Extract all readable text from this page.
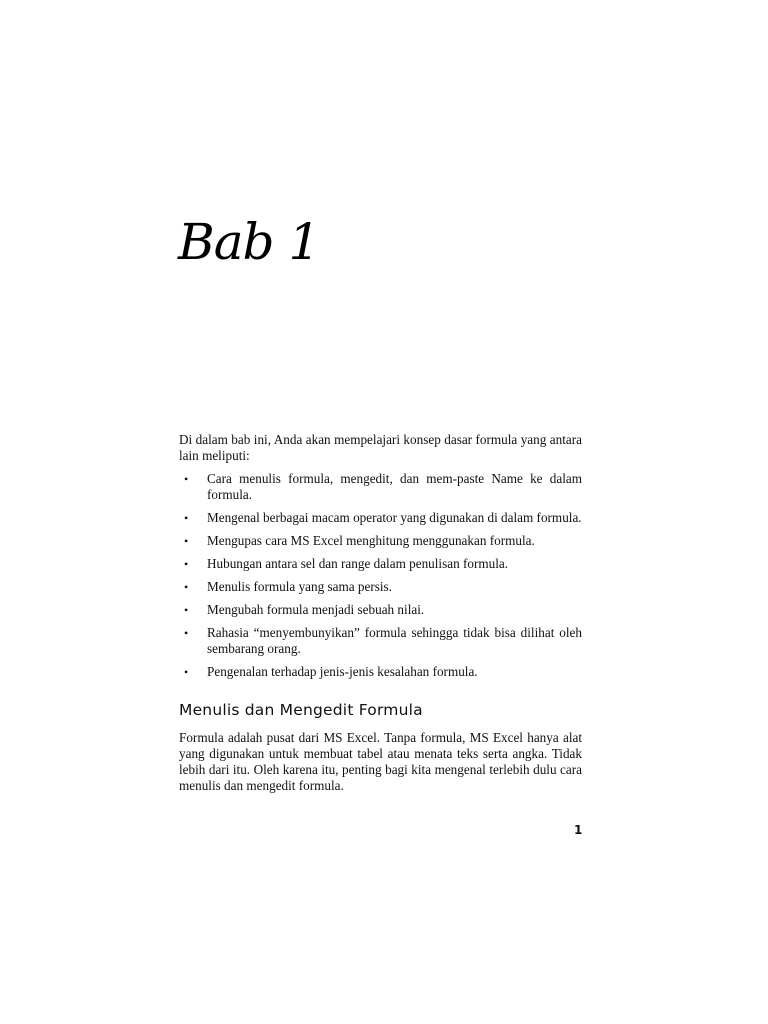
Bab 1

Di dalam bab ini, Anda akan mempelajari konsep dasar formula yang antara lain meliputi:

• Cara menulis formula, mengedit, dan mem-paste Name ke dalam formula.
• Mengenal berbagai macam operator yang digunakan di dalam formula.
• Mengupas cara MS Excel menghitung menggunakan formula.
• Hubungan antara sel dan range dalam penulisan formula.
• Menulis formula yang sama persis.
• Mengubah formula menjadi sebuah nilai.
• Rahasia “menyembunyikan” formula sehingga tidak bisa dilihat oleh sembarang orang.
• Pengenalan terhadap jenis-jenis kesalahan formula.
Menulis dan Mengedit Formula

Formula adalah pusat dari MS Excel. Tanpa formula, MS Excel hanya alat yang digunakan untuk membuat tabel atau menata teks serta angka. Tidak lebih dari itu. Oleh karena itu, penting bagi kita mengenal terlebih dulu cara menulis dan mengedit formula.

1
